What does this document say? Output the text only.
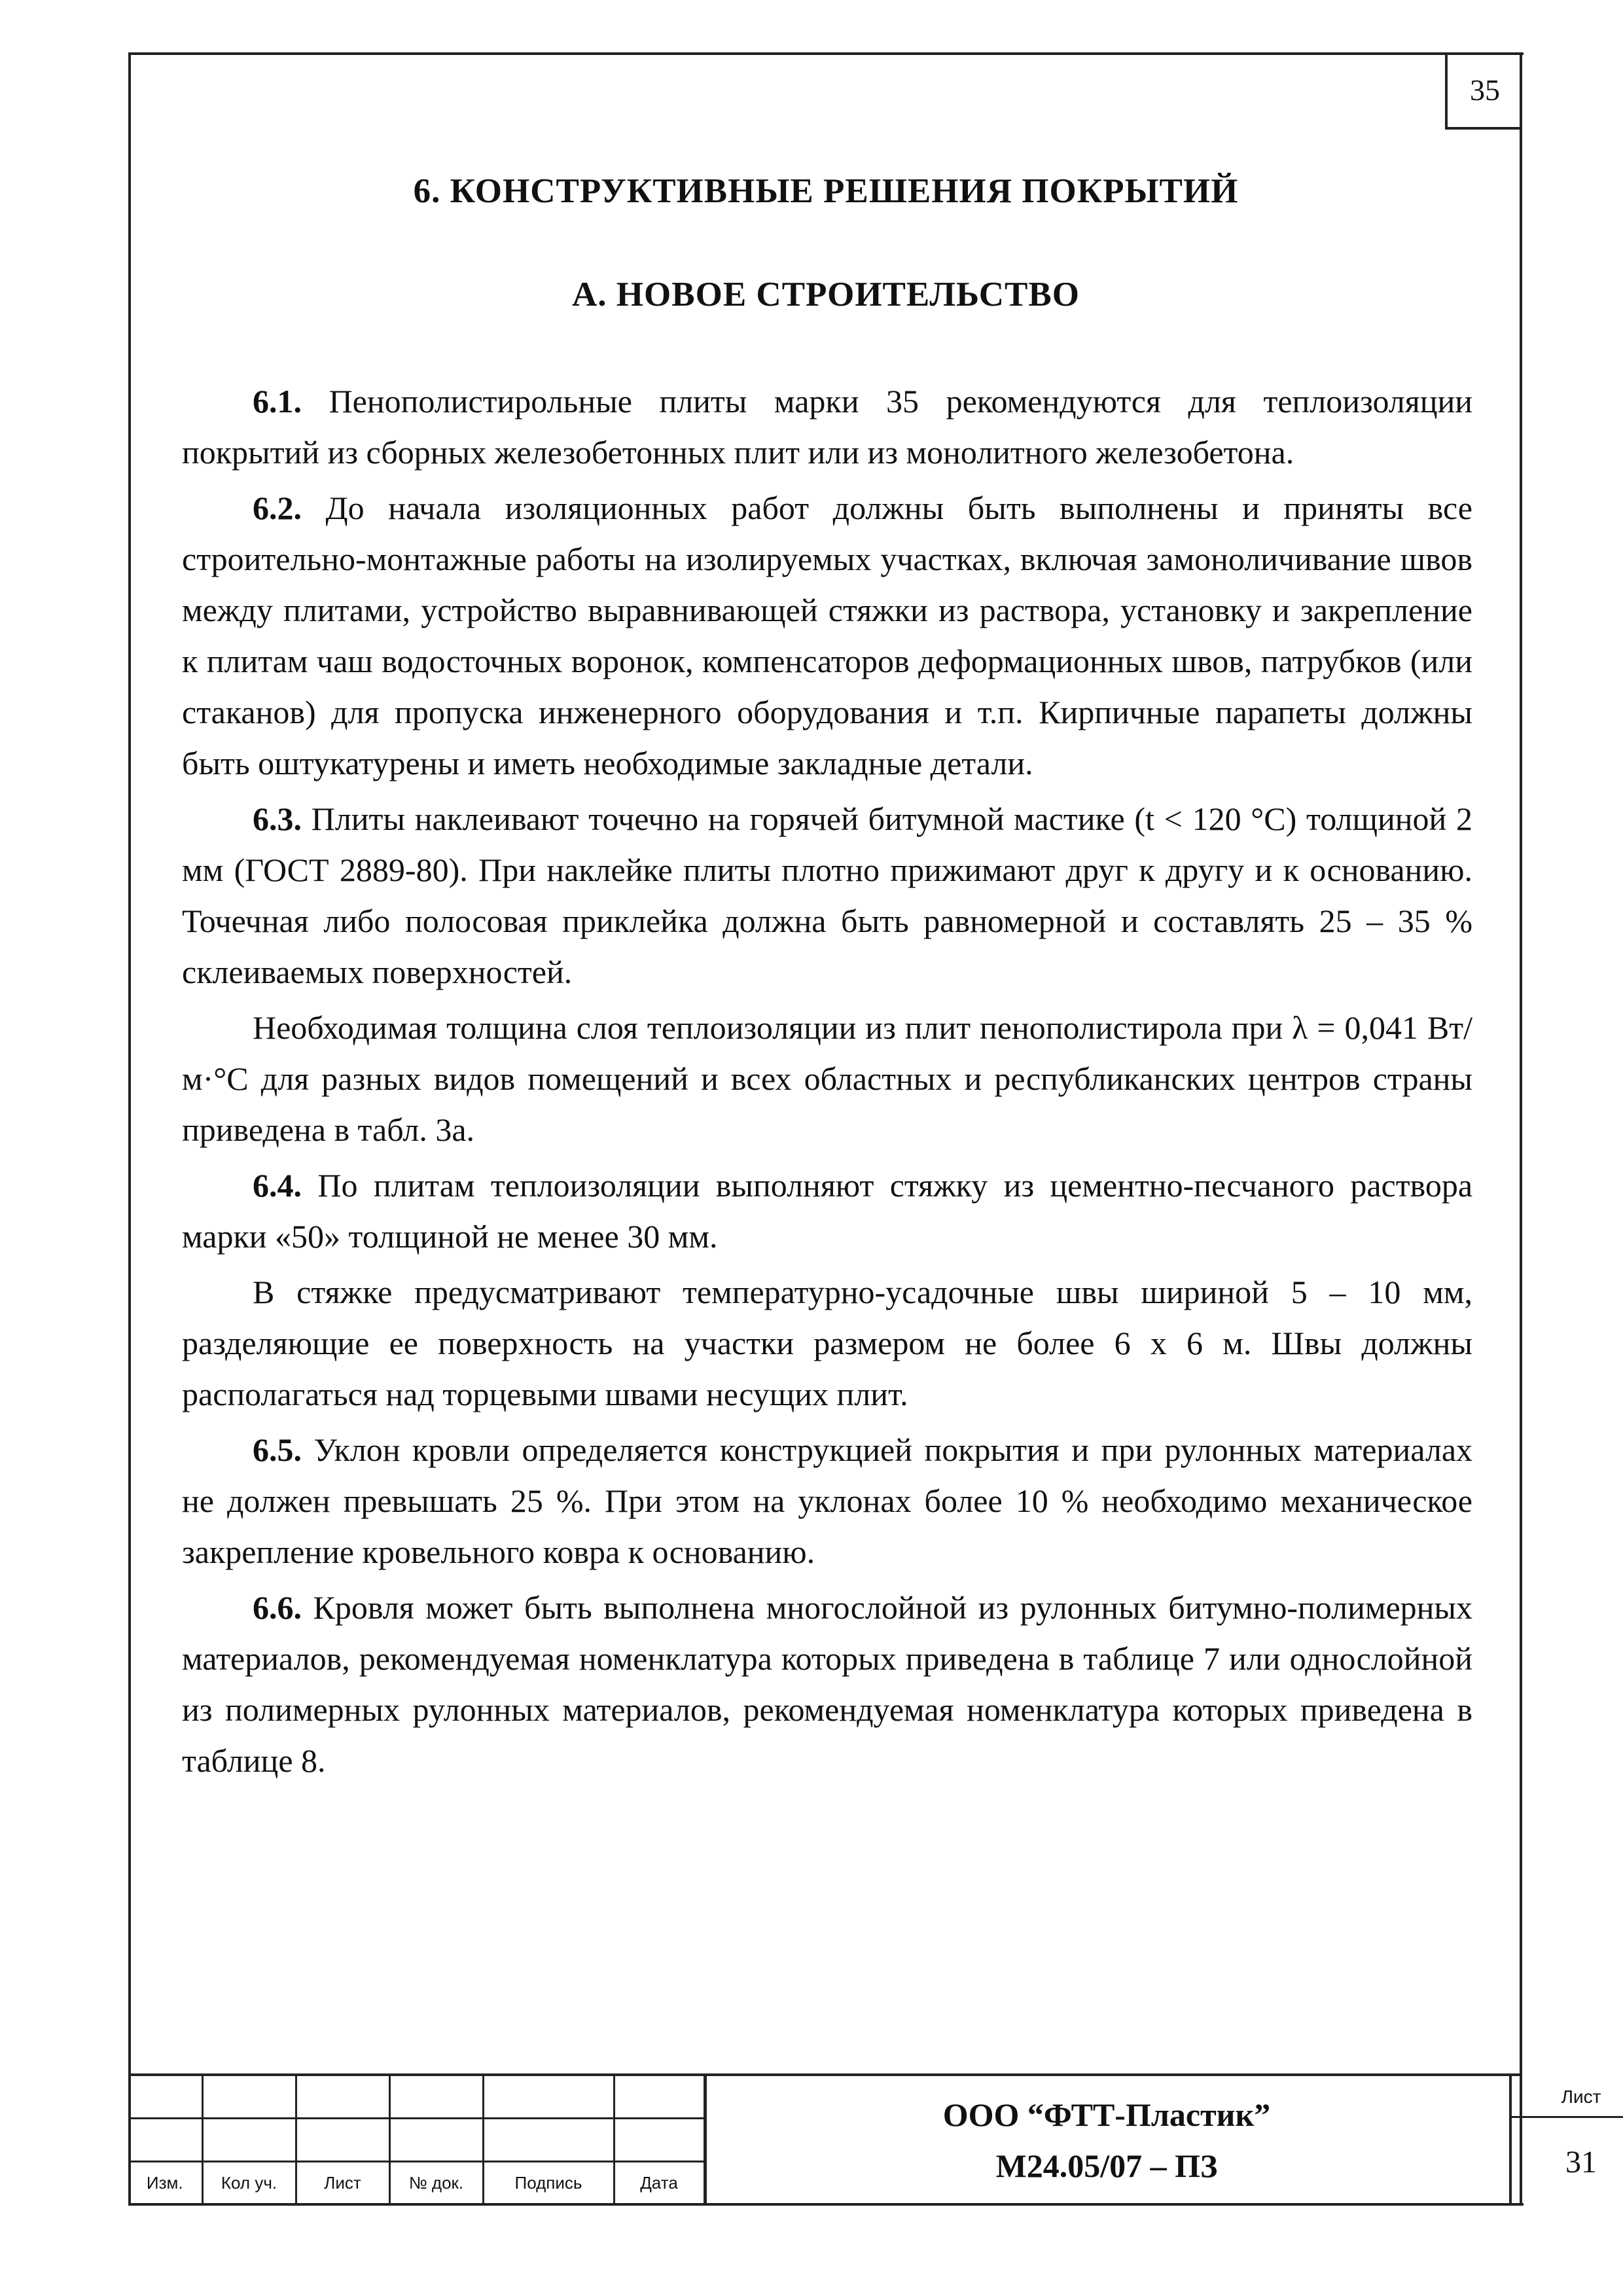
35
6. КОНСТРУКТИВНЫЕ РЕШЕНИЯ ПОКРЫТИЙ
А. НОВОЕ СТРОИТЕЛЬСТВО

6.1. Пенополистирольные плиты марки 35 рекомендуются для теплоизоляции покрытий из сборных железобетонных плит или из монолитного железобетона.

6.2. До начала изоляционных работ должны быть выполнены и приняты все строительно-монтажные работы на изолируемых участках, включая замоноличивание швов между плитами, устройство выравнивающей стяжки из раствора, установку и закрепление к плитам чаш водосточных воронок, компенсаторов деформационных швов, патрубков (или стаканов) для пропуска инженерного оборудования и т.п. Кирпичные парапеты должны быть оштукатурены и иметь необходимые закладные детали.

6.3. Плиты наклеивают точечно на горячей битумной мастике (t < 120 °С) толщиной 2 мм (ГОСТ 2889-80). При наклейке плиты плотно прижимают друг к другу и к основанию. Точечная либо полосовая приклейка должна быть равномерной и составлять 25 – 35 % склеиваемых поверхностей.

Необходимая толщина слоя теплоизоляции из плит пенополистирола при λ = 0,041 Вт/м·°С для разных видов помещений и всех областных и республиканских центров страны приведена в табл. 3а.

6.4. По плитам теплоизоляции выполняют стяжку из цементно-песчаного раствора марки «50» толщиной не менее 30 мм.

В стяжке предусматривают температурно-усадочные швы шириной 5 – 10 мм, разделяющие ее поверхность на участки размером не более 6 х 6 м. Швы должны располагаться над торцевыми швами несущих плит.

6.5. Уклон кровли определяется конструкцией покрытия и при рулонных материалах не должен превышать 25 %. При этом на уклонах более 10 % необходимо механическое закрепление кровельного ковра к основанию.

6.6. Кровля может быть выполнена многослойной из рулонных битумно-полимерных материалов, рекомендуемая номенклатура которых приведена в таблице 7 или однослойной из полимерных рулонных материалов, рекомендуемая номенклатура которых приведена в таблице 8.

Изм.	Кол уч.	Лист	№ док.	Подпись	Дата
ООО “ФТТ-Пластик”
М24.05/07 – ПЗ
Лист
31
